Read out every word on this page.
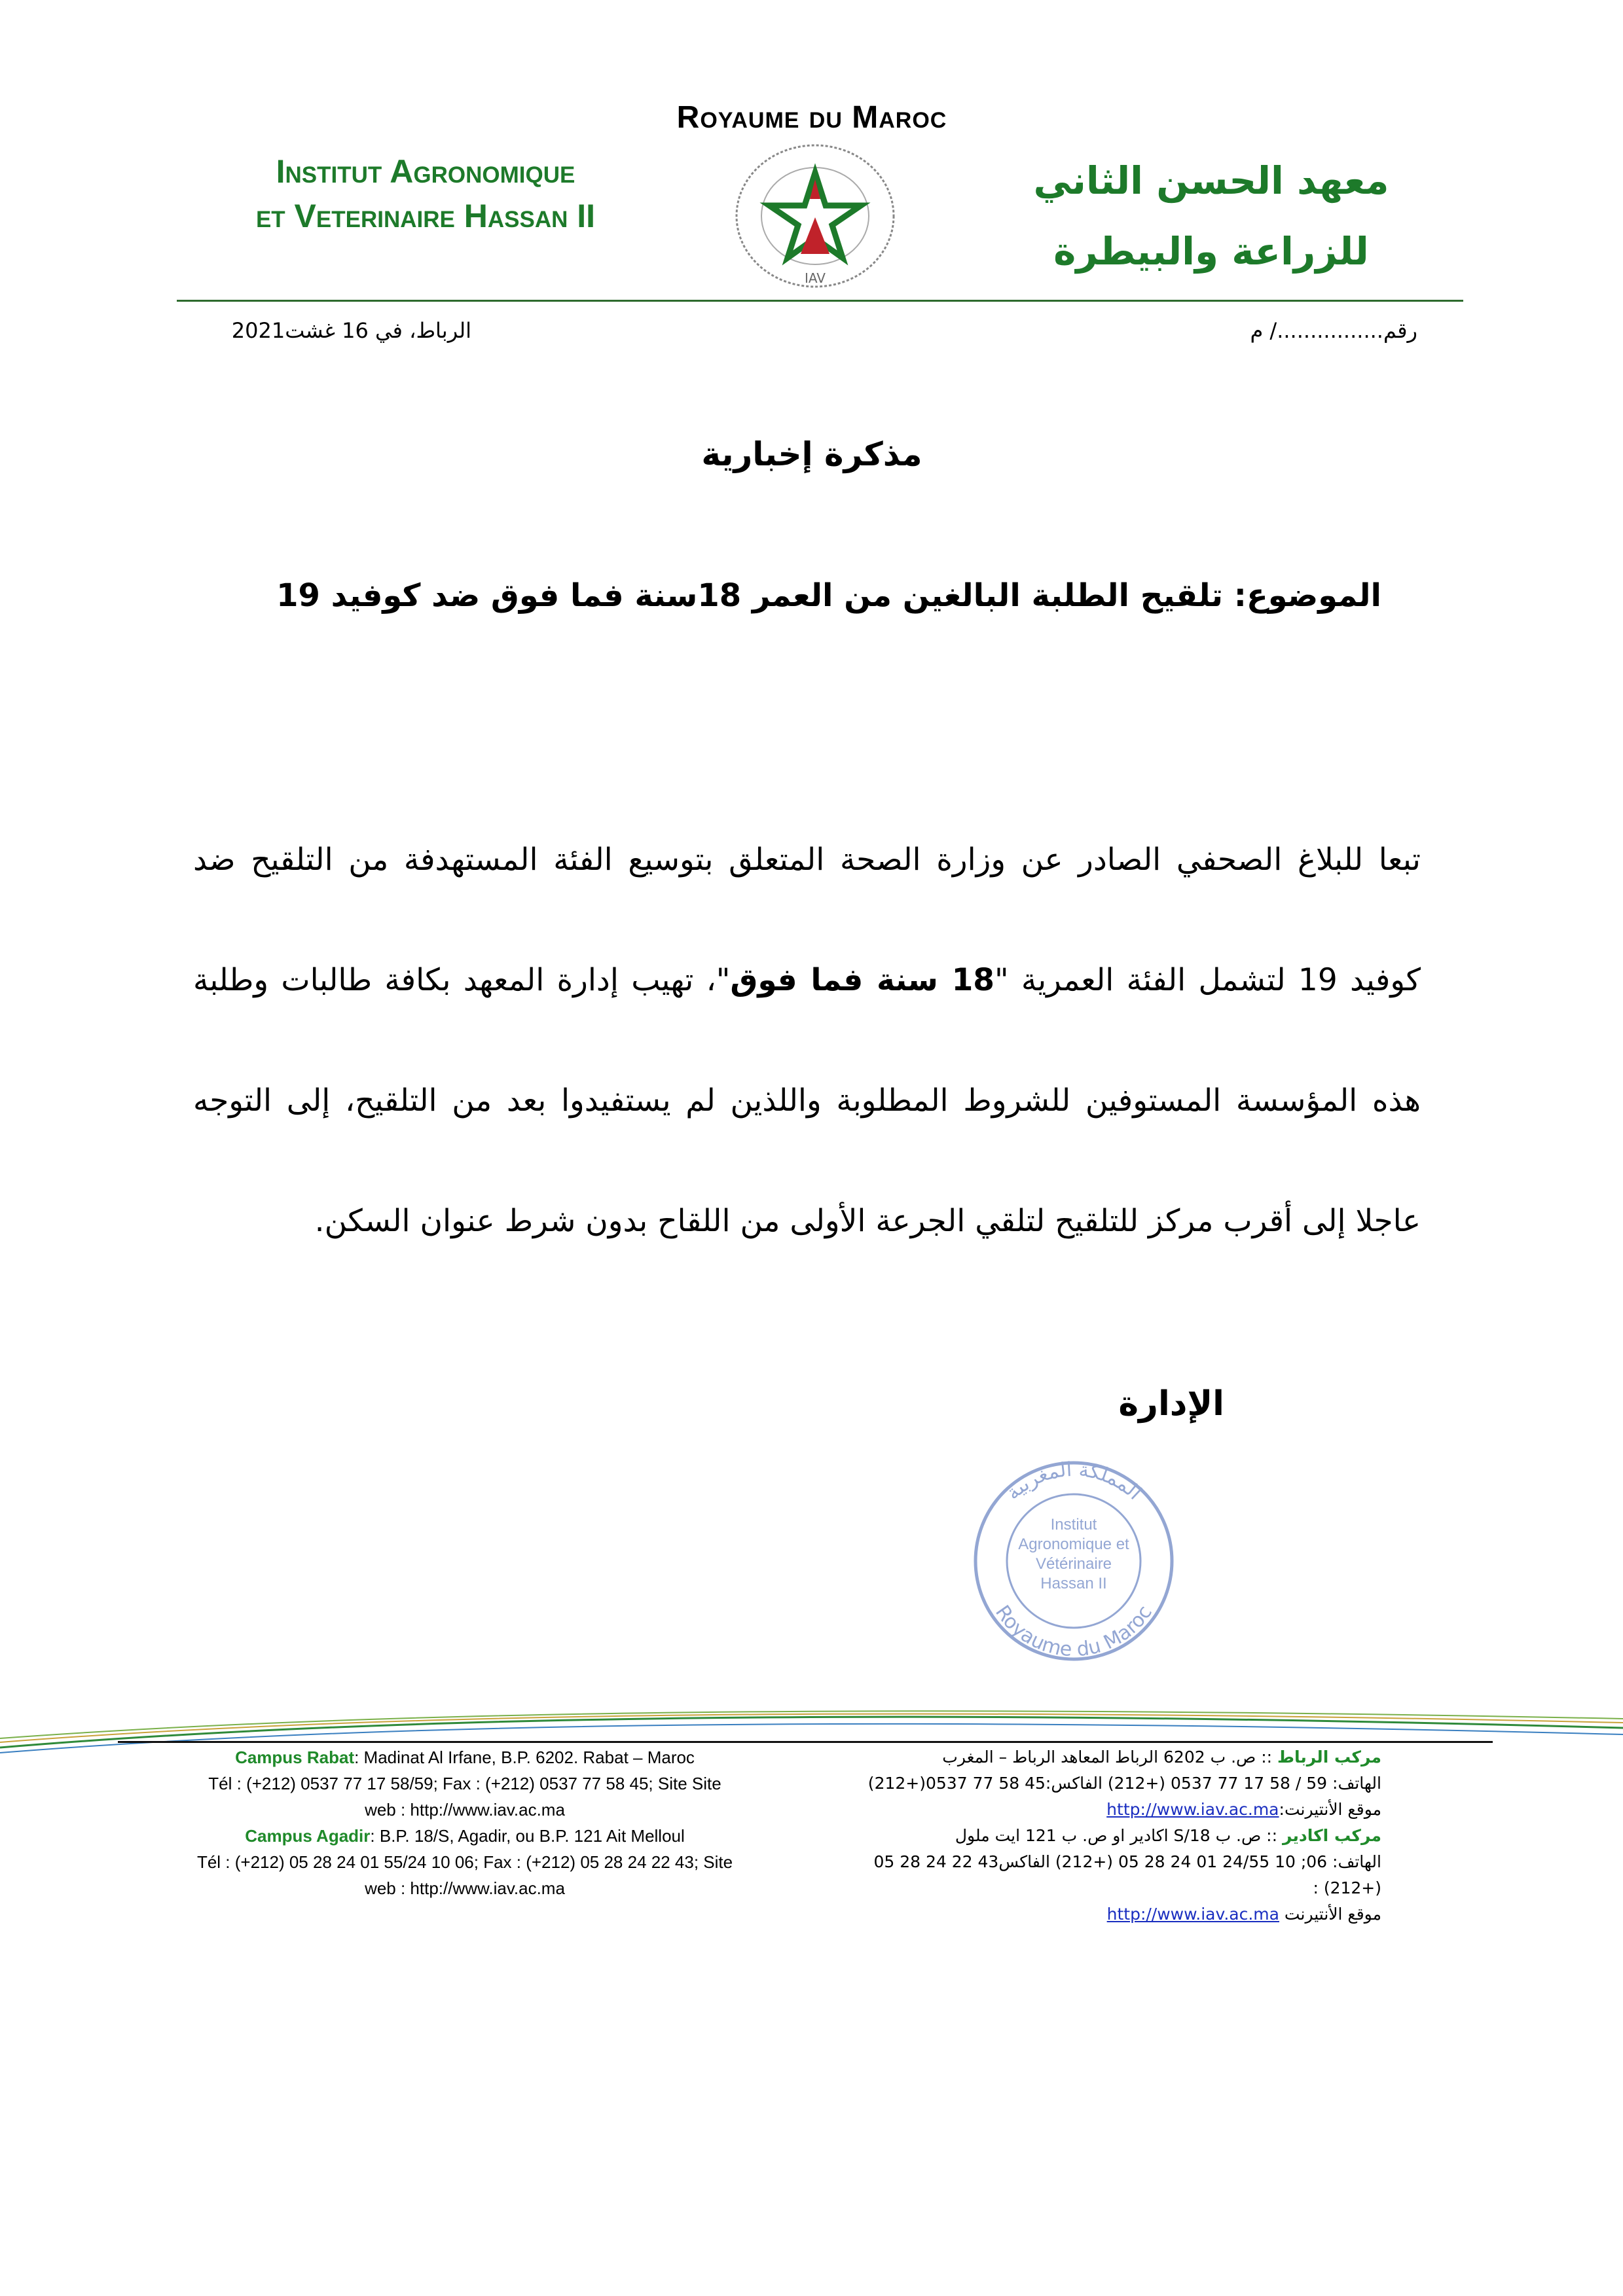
Royaume du Maroc
Institut Agronomique
et Veterinaire Hassan II
IAV
معهد الحسن الثاني
للزراعة والبيطرة
رقم................/ م
الرباط، في 16 غشت2021
مذكرة إخبارية
الموضوع: تلقيح الطلبة البالغين من العمر 18سنة فما فوق ضد كوفيد 19
تبعا للبلاغ الصحفي الصادر عن وزارة الصحة المتعلق بتوسيع الفئة المستهدفة من التلقيح ضد كوفيد 19 لتشمل الفئة العمرية "18 سنة فما فوق"، تهيب إدارة المعهد بكافة طالبات وطلبة هذه المؤسسة المستوفين للشروط المطلوبة واللذين لم يستفيدوا بعد من التلقيح، إلى التوجه عاجلا إلى أقرب مركز للتلقيح لتلقي الجرعة الأولى من اللقاح بدون شرط عنوان السكن.
الإدارة
المملكة المغربية
Royaume du Maroc
Institut Agronomique et Vétérinaire Hassan II
Campus Rabat: Madinat Al Irfane, B.P. 6202. Rabat – Maroc
Tél : (+212) 0537 77 17 58/59; Fax : (+212) 0537 77 58 45; Site Site
web : http://www.iav.ac.ma
Campus Agadir: B.P. 18/S, Agadir, ou B.P. 121 Ait Melloul
Tél : (+212) 05 28 24 01 55/24 10 06; Fax : (+212) 05 28 24 22 43; Site
web : http://www.iav.ac.ma
مركب الرباط :: ص. ب 6202 الرباط المعاهد الرباط – المغرب
الهاتف: 59 / 58 17 77 0537 (+212) الفاكس:45 58 77 0537(+212)
موقع الأنتيرنت:http://www.iav.ac.ma
مركب اكادير :: ص. ب 18/S اكادير او ص. ب 121 ايت ملول
الهاتف: 06; 10 24/55 01 24 28 05 (+212) الفاكس43 22 24 28 05 (+212) :
موقع الأنتيرنت http://www.iav.ac.ma
